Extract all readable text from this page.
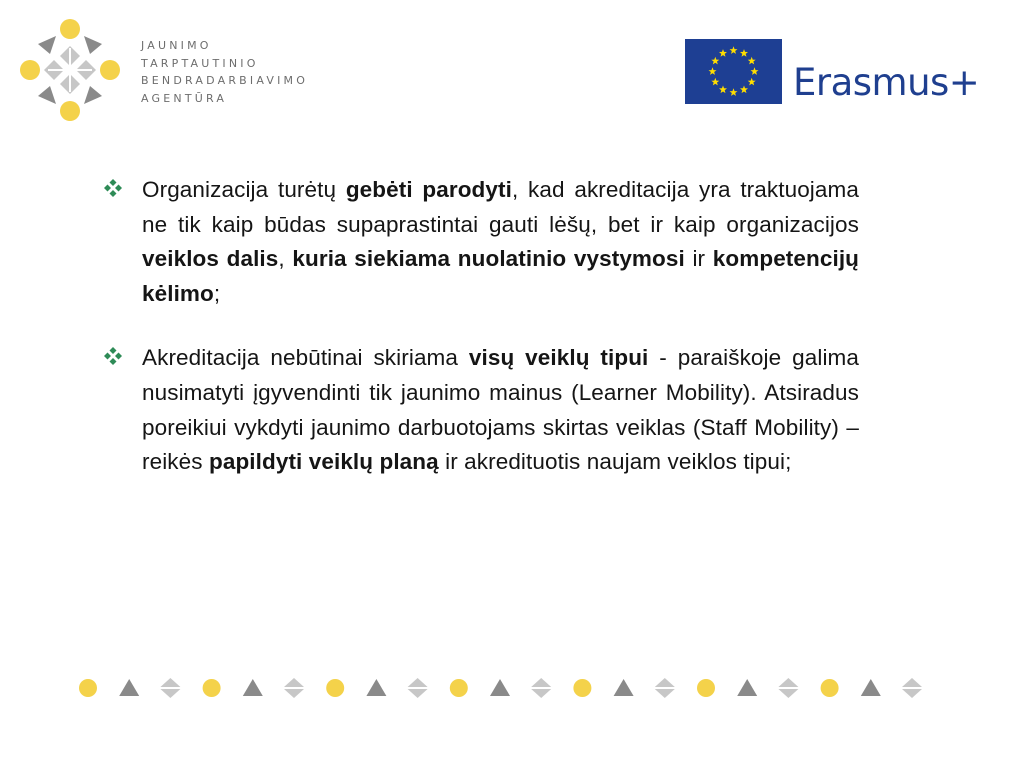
JAUNIMO
TARPTAUTINIO
BENDRADARBIAVIMO
AGENTŪRA	Erasmus+
Organizacija turėtų gebėti parodyti, kad akreditacija yra traktuojama ne tik kaip būdas supaprastintai gauti lėšų, bet ir kaip organizacijos veiklos dalis, kuria siekiama nuolatinio vystymosi ir kompetencijų kėlimo;
Akreditacija nebūtinai skiriama visų veiklų tipui - paraiškoje galima nusimatyti įgyvendinti tik jaunimo mainus (Learner Mobility). Atsiradus poreikiui vykdyti jaunimo darbuotojams skirtas veiklas (Staff Mobility) – reikės papildyti veiklų planą ir akredituotis naujam veiklos tipui;
